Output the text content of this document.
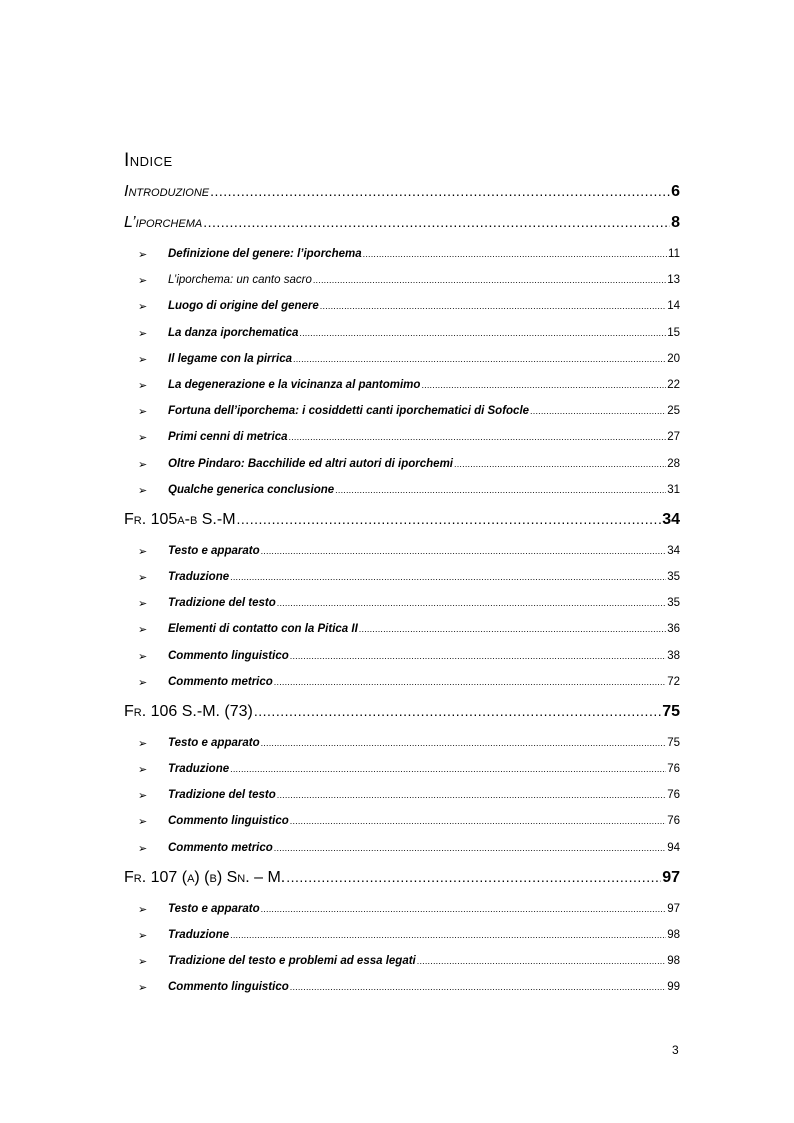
Indice
Introduzione .....	6
L’iporchema .....	8
➢ Definizione del genere: l’iporchema .....	11
➢ L’iporchema: un canto sacro .....	13
➢ Luogo di origine del genere .....	14
➢ La danza iporchematica .....	15
➢ Il legame con la pirrica .....	20
➢ La degenerazione e la vicinanza al pantomimo .....	22
➢ Fortuna dell’iporchema: i cosiddetti canti iporchematici di Sofocle .....	25
➢ Primi cenni di metrica .....	27
➢ Oltre Pindaro: Bacchilide ed altri autori di iporchemi .....	28
➢ Qualche generica conclusione .....	31
Fr. 105a-b S.-M .....	34
➢ Testo e apparato .....	34
➢ Traduzione .....	35
➢ Tradizione del testo .....	35
➢ Elementi di contatto con la Pitica II .....	36
➢ Commento linguistico .....	38
➢ Commento metrico .....	72
Fr. 106 S.-M. (73) .....	75
➢ Testo e apparato .....	75
➢ Traduzione .....	76
➢ Tradizione del testo .....	76
➢ Commento linguistico .....	76
➢ Commento metrico .....	94
Fr. 107 (a) (b) Sn. – M. .....	97
➢ Testo e apparato .....	97
➢ Traduzione .....	98
➢ Tradizione del testo e problemi ad essa legati .....	98
➢ Commento linguistico .....	99
3
